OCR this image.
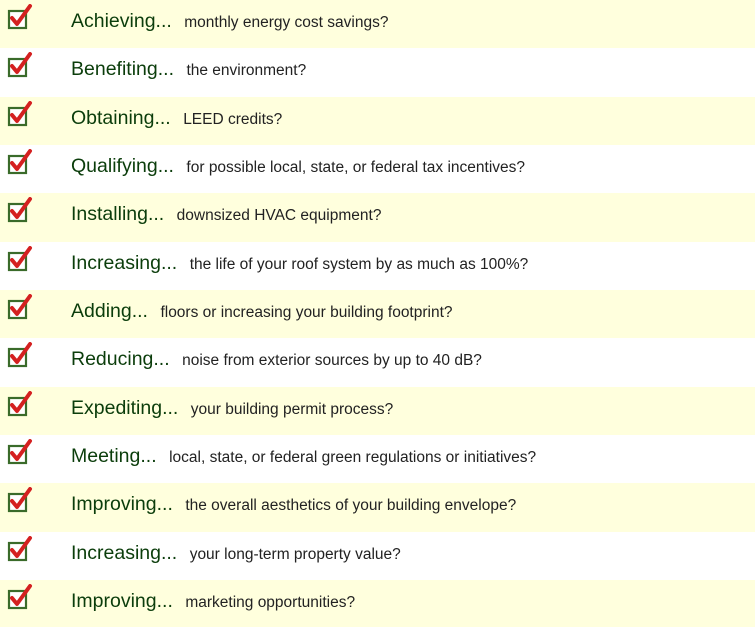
Achieving... monthly energy cost savings?
Benefiting... the environment?
Obtaining... LEED credits?
Qualifying... for possible local, state, or federal tax incentives?
Installing... downsized HVAC equipment?
Increasing... the life of your roof system by as much as 100%?
Adding... floors or increasing your building footprint?
Reducing... noise from exterior sources by up to 40 dB?
Expediting... your building permit process?
Meeting... local, state, or federal green regulations or initiatives?
Improving... the overall aesthetics of your building envelope?
Increasing... your long-term property value?
Improving... marketing opportunities?
